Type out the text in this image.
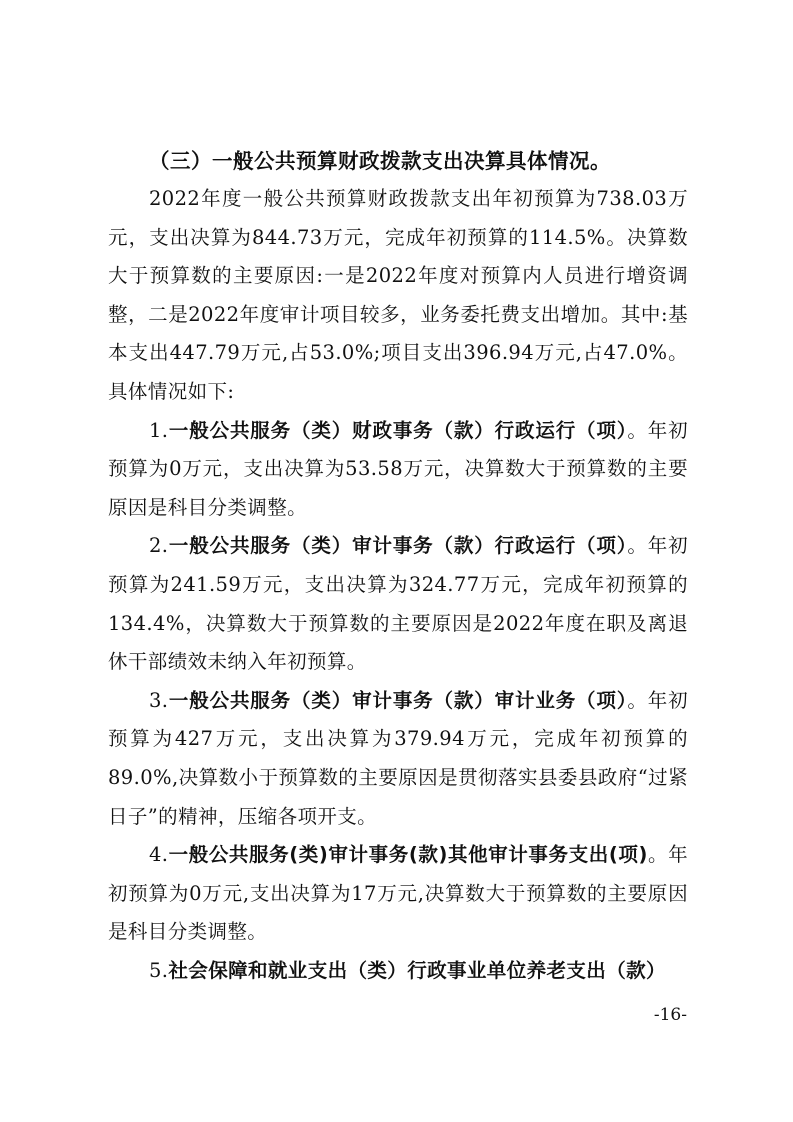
（三）一般公共预算财政拨款支出决算具体情况。

2022年度一般公共预算财政拨款支出年初预算为738.03万元，支出决算为844.73万元，完成年初预算的114.5%。决算数大于预算数的主要原因:一是2022年度对预算内人员进行增资调整，二是2022年度审计项目较多，业务委托费支出增加。其中:基本支出447.79万元,占53.0%;项目支出396.94万元,占47.0%。具体情况如下:

1.一般公共服务（类）财政事务（款）行政运行（项）。年初预算为0万元，支出决算为53.58万元，决算数大于预算数的主要原因是科目分类调整。

2.一般公共服务（类）审计事务（款）行政运行（项）。年初预算为241.59万元，支出决算为324.77万元，完成年初预算的134.4%，决算数大于预算数的主要原因是2022年度在职及离退休干部绩效未纳入年初预算。

3.一般公共服务（类）审计事务（款）审计业务（项）。年初预算为427万元，支出决算为379.94万元，完成年初预算的89.0%,决算数小于预算数的主要原因是贯彻落实县委县政府“过紧日子”的精神，压缩各项开支。

4.一般公共服务(类)审计事务(款)其他审计事务支出(项)。年初预算为0万元,支出决算为17万元,决算数大于预算数的主要原因是科目分类调整。

5.社会保障和就业支出（类）行政事业单位养老支出（款）

-16-
